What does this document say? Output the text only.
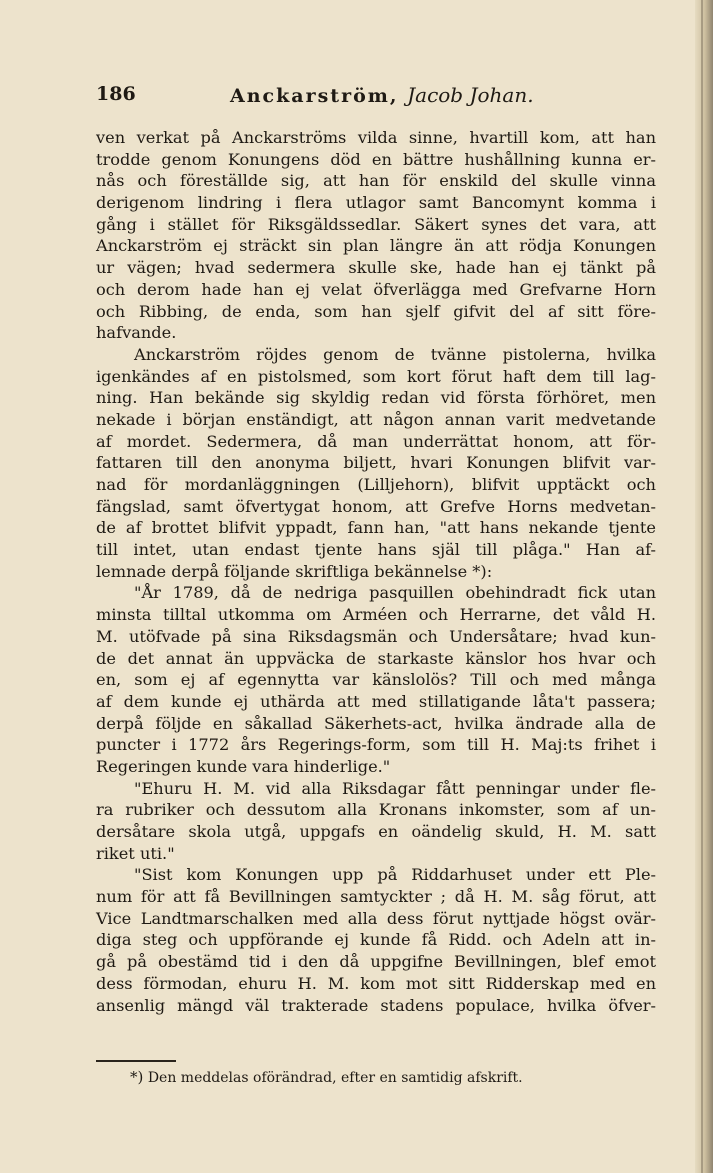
186	Anckarström, Jacob Johan.
ven verkat på Anckarströms vilda sinne, hvartill kom, att han
trodde genom Konungens död en bättre hushållning kunna er-
nås och föreställde sig, att han för enskild del skulle vinna
derigenom lindring i flera utlagor samt Bancomynt komma i
gång i stället för Riksgäldssedlar. Säkert synes det vara, att
Anckarström ej sträckt sin plan längre än att rödja Konungen
ur vägen; hvad sedermera skulle ske, hade han ej tänkt på
och derom hade han ej velat öfverlägga med Grefvarne Horn
och Ribbing, de enda, som han sjelf gifvit del af sitt före-
hafvande.
Anckarström röjdes genom de tvänne pistolerna, hvilka
igenkändes af en pistolsmed, som kort förut haft dem till lag-
ning. Han bekände sig skyldig redan vid första förhöret, men
nekade i början enständigt, att någon annan varit medvetande
af mordet. Sedermera, då man underrättat honom, att för-
fattaren till den anonyma biljett, hvari Konungen blifvit var-
nad för mordanläggningen (Lilljehorn), blifvit upptäckt och
fängslad, samt öfvertygat honom, att Grefve Horns medvetan-
de af brottet blifvit yppadt, fann han, "att hans nekande tjente
till intet, utan endast tjente hans själ till plåga." Han af-
lemnade derpå följande skriftliga bekännelse *):
"År 1789, då de nedriga pasquillen obehindradt fick utan
minsta tilltal utkomma om Arméen och Herrarne, det våld H.
M. utöfvade på sina Riksdagsmän och Undersåtare; hvad kun-
de det annat än uppväcka de starkaste känslor hos hvar och
en, som ej af egennytta var känslolös? Till och med många
af dem kunde ej uthärda att med stillatigande låta't passera;
derpå följde en såkallad Säkerhets-act, hvilka ändrade alla de
puncter i 1772 års Regerings-form, som till H. Maj:ts frihet i
Regeringen kunde vara hinderlige."
"Ehuru H. M. vid alla Riksdagar fått penningar under fle-
ra rubriker och dessutom alla Kronans inkomster, som af un-
dersåtare skola utgå, uppgafs en oändelig skuld, H. M. satt
riket uti."
"Sist kom Konungen upp på Riddarhuset under ett Ple-
num för att få Bevillningen samtyckter ; då H. M. såg förut, att
Vice Landtmarschalken med alla dess förut nyttjade högst ovär-
diga steg och uppförande ej kunde få Ridd. och Adeln att in-
gå på obestämd tid i den då uppgifne Bevillningen, blef emot
dess förmodan, ehuru H. M. kom mot sitt Ridderskap med en
ansenlig mängd väl trakterade stadens populace, hvilka öfver-
*) Den meddelas oförändrad, efter en samtidig afskrift.
